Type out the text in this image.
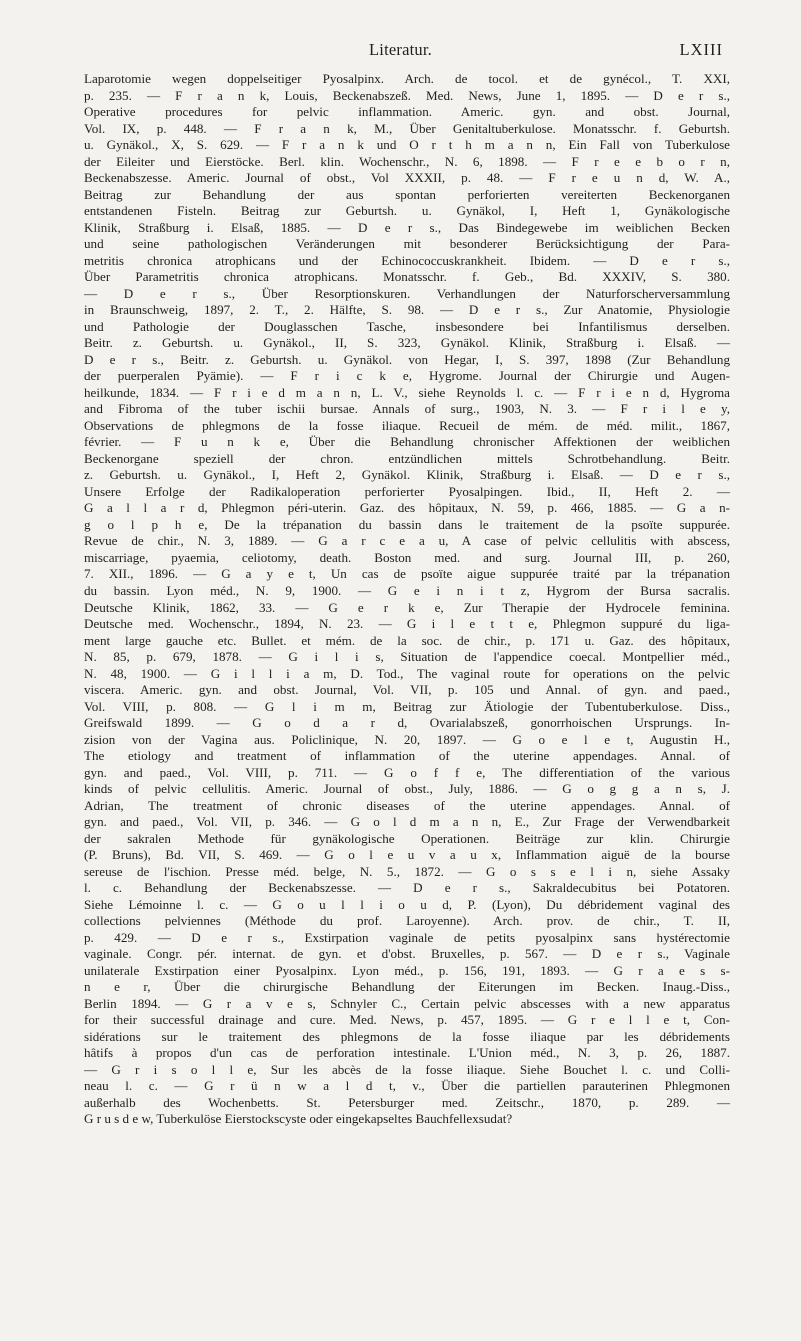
Literatur.	LXIII
Laparotomie wegen doppelseitiger Pyosalpinx. Arch. de tocol. et de gynécol., T. XXI,
p. 235. — F r a n k, Louis, Beckenabszeß. Med. News, June 1, 1895. — D e r s.,
Operative procedures for pelvic inflammation. Americ. gyn. and obst. Journal,
Vol. IX, p. 448. — F r a n k, M., Über Genitaltuberkulose. Monatsschr. f. Geburtsh.
u. Gynäkol., X, S. 629. — F r a n k und O r t h m a n n, Ein Fall von Tuberkulose
der Eileiter und Eierstöcke. Berl. klin. Wochenschr., N. 6, 1898. — F r e e b o r n,
Beckenabszesse. Americ. Journal of obst., Vol XXXII, p. 48. — F r e u n d, W. A.,
Beitrag zur Behandlung der aus spontan perforierten vereiterten Beckenorganen
entstandenen Fisteln. Beitrag zur Geburtsh. u. Gynäkol, I, Heft 1, Gynäkologische
Klinik, Straßburg i. Elsaß, 1885. — D e r s., Das Bindegewebe im weiblichen Becken
und seine pathologischen Veränderungen mit besonderer Berücksichtigung der Para-
metritis chronica atrophicans und der Echinococcuskrankheit. Ibidem. — D e r s.,
Über Parametritis chronica atrophicans. Monatsschr. f. Geb., Bd. XXXIV, S. 380.
— D e r s., Über Resorptionskuren. Verhandlungen der Naturforscherversammlung
in Braunschweig, 1897, 2. T., 2. Hälfte, S. 98. — D e r s., Zur Anatomie, Physiologie
und Pathologie der Douglasschen Tasche, insbesondere bei Infantilismus derselben.
Beitr. z. Geburtsh. u. Gynäkol., II, S. 323, Gynäkol. Klinik, Straßburg i. Elsaß. —
D e r s., Beitr. z. Geburtsh. u. Gynäkol. von Hegar, I, S. 397, 1898 (Zur Behandlung
der puerperalen Pyämie). — F r i c k e, Hygrome. Journal der Chirurgie und Augen-
heilkunde, 1834. — F r i e d m a n n, L. V., siehe Reynolds l. c. — F r i e n d, Hygroma
and Fibroma of the tuber ischii bursae. Annals of surg., 1903, N. 3. — F r i l e y,
Observations de phlegmons de la fosse iliaque. Recueil de mém. de méd. milit., 1867,
février. — F u n k e, Über die Behandlung chronischer Affektionen der weiblichen
Beckenorgane speziell der chron. entzündlichen mittels Schrotbehandlung. Beitr.
z. Geburtsh. u. Gynäkol., I, Heft 2, Gynäkol. Klinik, Straßburg i. Elsaß. — D e r s.,
Unsere Erfolge der Radikaloperation perforierter Pyosalpingen. Ibid., II, Heft 2. —
G a l l a r d, Phlegmon péri-uterin. Gaz. des hôpitaux, N. 59, p. 466, 1885. — G a n-
g o l p h e, De la trépanation du bassin dans le traitement de la psoïte suppurée.
Revue de chir., N. 3, 1889. — G a r c e a u, A case of pelvic cellulitis with abscess,
miscarriage, pyaemia, celiotomy, death. Boston med. and surg. Journal III, p. 260,
7. XII., 1896. — G a y e t, Un cas de psoïte aigue suppurée traité par la trépanation
du bassin. Lyon méd., N. 9, 1900. — G e i n i t z, Hygrom der Bursa sacralis.
Deutsche Klinik, 1862, 33. — G e r k e, Zur Therapie der Hydrocele feminina.
Deutsche med. Wochenschr., 1894, N. 23. — G i l e t t e, Phlegmon suppuré du liga-
ment large gauche etc. Bullet. et mém. de la soc. de chir., p. 171 u. Gaz. des hôpitaux,
N. 85, p. 679, 1878. — G i l i s, Situation de l'appendice coecal. Montpellier méd.,
N. 48, 1900. — G i l l i a m, D. Tod., The vaginal route for operations on the pelvic
viscera. Americ. gyn. and obst. Journal, Vol. VII, p. 105 und Annal. of gyn. and paed.,
Vol. VIII, p. 808. — G l i m m, Beitrag zur Ätiologie der Tubentuberkulose. Diss.,
Greifswald 1899. — G o d a r d, Ovarialabszeß, gonorrhoischen Ursprungs. In-
zision von der Vagina aus. Policlinique, N. 20, 1897. — G o e l e t, Augustin H.,
The etiology and treatment of inflammation of the uterine appendages. Annal. of
gyn. and paed., Vol. VIII, p. 711. — G o f f e, The differentiation of the various
kinds of pelvic cellulitis. Americ. Journal of obst., July, 1886. — G o g g a n s, J.
Adrian, The treatment of chronic diseases of the uterine appendages. Annal. of
gyn. and paed., Vol. VII, p. 346. — G o l d m a n n, E., Zur Frage der Verwendbarkeit
der sakralen Methode für gynäkologische Operationen. Beiträge zur klin. Chirurgie
(P. Bruns), Bd. VII, S. 469. — G o l e u v a u x, Inflammation aiguë de la bourse
sereuse de l'ischion. Presse méd. belge, N. 5., 1872. — G o s s e l i n, siehe Assaky
l. c. Behandlung der Beckenabszesse. — D e r s., Sakraldecubitus bei Potatoren.
Siehe Lémoinne l. c. — G o u l l i o u d, P. (Lyon), Du débridement vaginal des
collections pelviennes (Méthode du prof. Laroyenne). Arch. prov. de chir., T. II,
p. 429. — D e r s., Exstirpation vaginale de petits pyosalpinx sans hystérectomie
vaginale. Congr. pér. internat. de gyn. et d'obst. Bruxelles, p. 567. — D e r s., Vaginale
unilaterale Exstirpation einer Pyosalpinx. Lyon méd., p. 156, 191, 1893. — G r a e s s-
n e r, Über die chirurgische Behandlung der Eiterungen im Becken. Inaug.-Diss.,
Berlin 1894. — G r a v e s, Schnyler C., Certain pelvic abscesses with a new apparatus
for their successful drainage and cure. Med. News, p. 457, 1895. — G r e l l e t, Con-
sidérations sur le traitement des phlegmons de la fosse iliaque par les débridements
hâtifs à propos d'un cas de perforation intestinale. L'Union méd., N. 3, p. 26, 1887.
— G r i s o l l e, Sur les abcès de la fosse iliaque. Siehe Bouchet l. c. und Colli-
neau l. c. — G r ü n w a l d t, v., Über die partiellen parauterinen Phlegmonen
außerhalb des Wochenbetts. St. Petersburger med. Zeitschr., 1870, p. 289. —
G r u s d e w, Tuberkulöse Eierstockscyste oder eingekapseltes Bauchfellexsudat?
